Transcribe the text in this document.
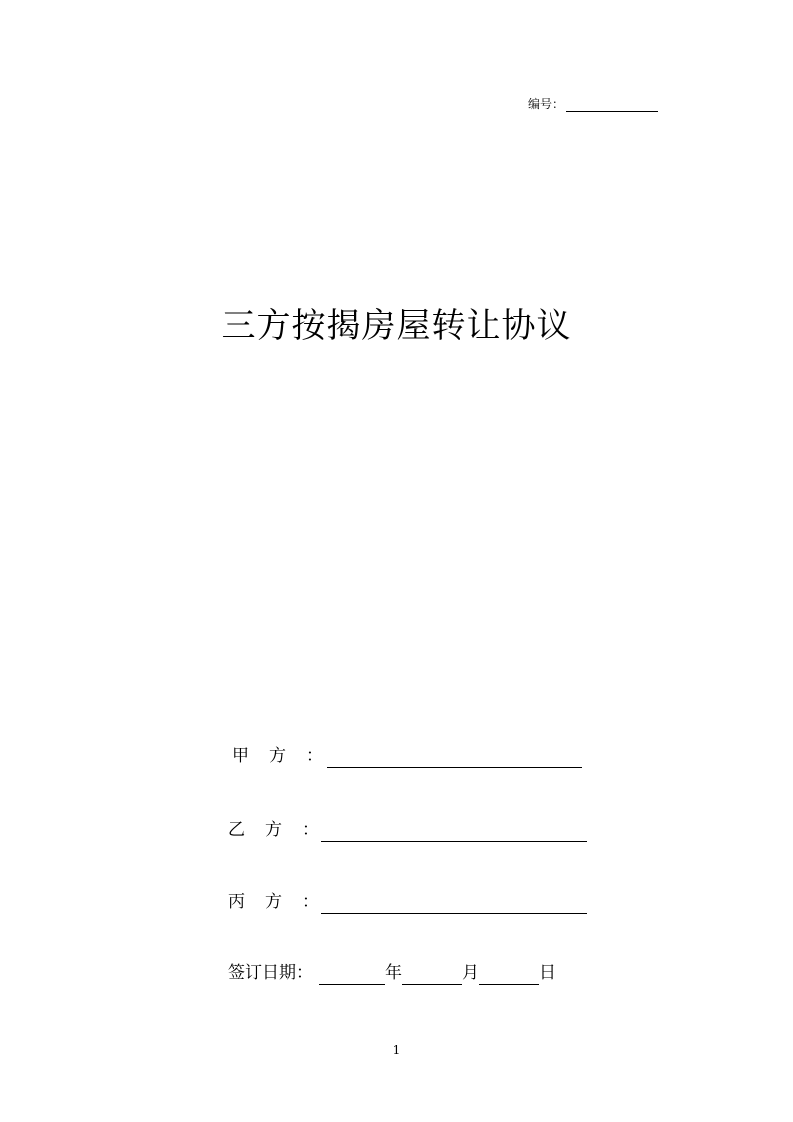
编号：
三方按揭房屋转让协议
甲方 ：
乙方 ：
丙方 ：
签订日期：	年	月	日
1
